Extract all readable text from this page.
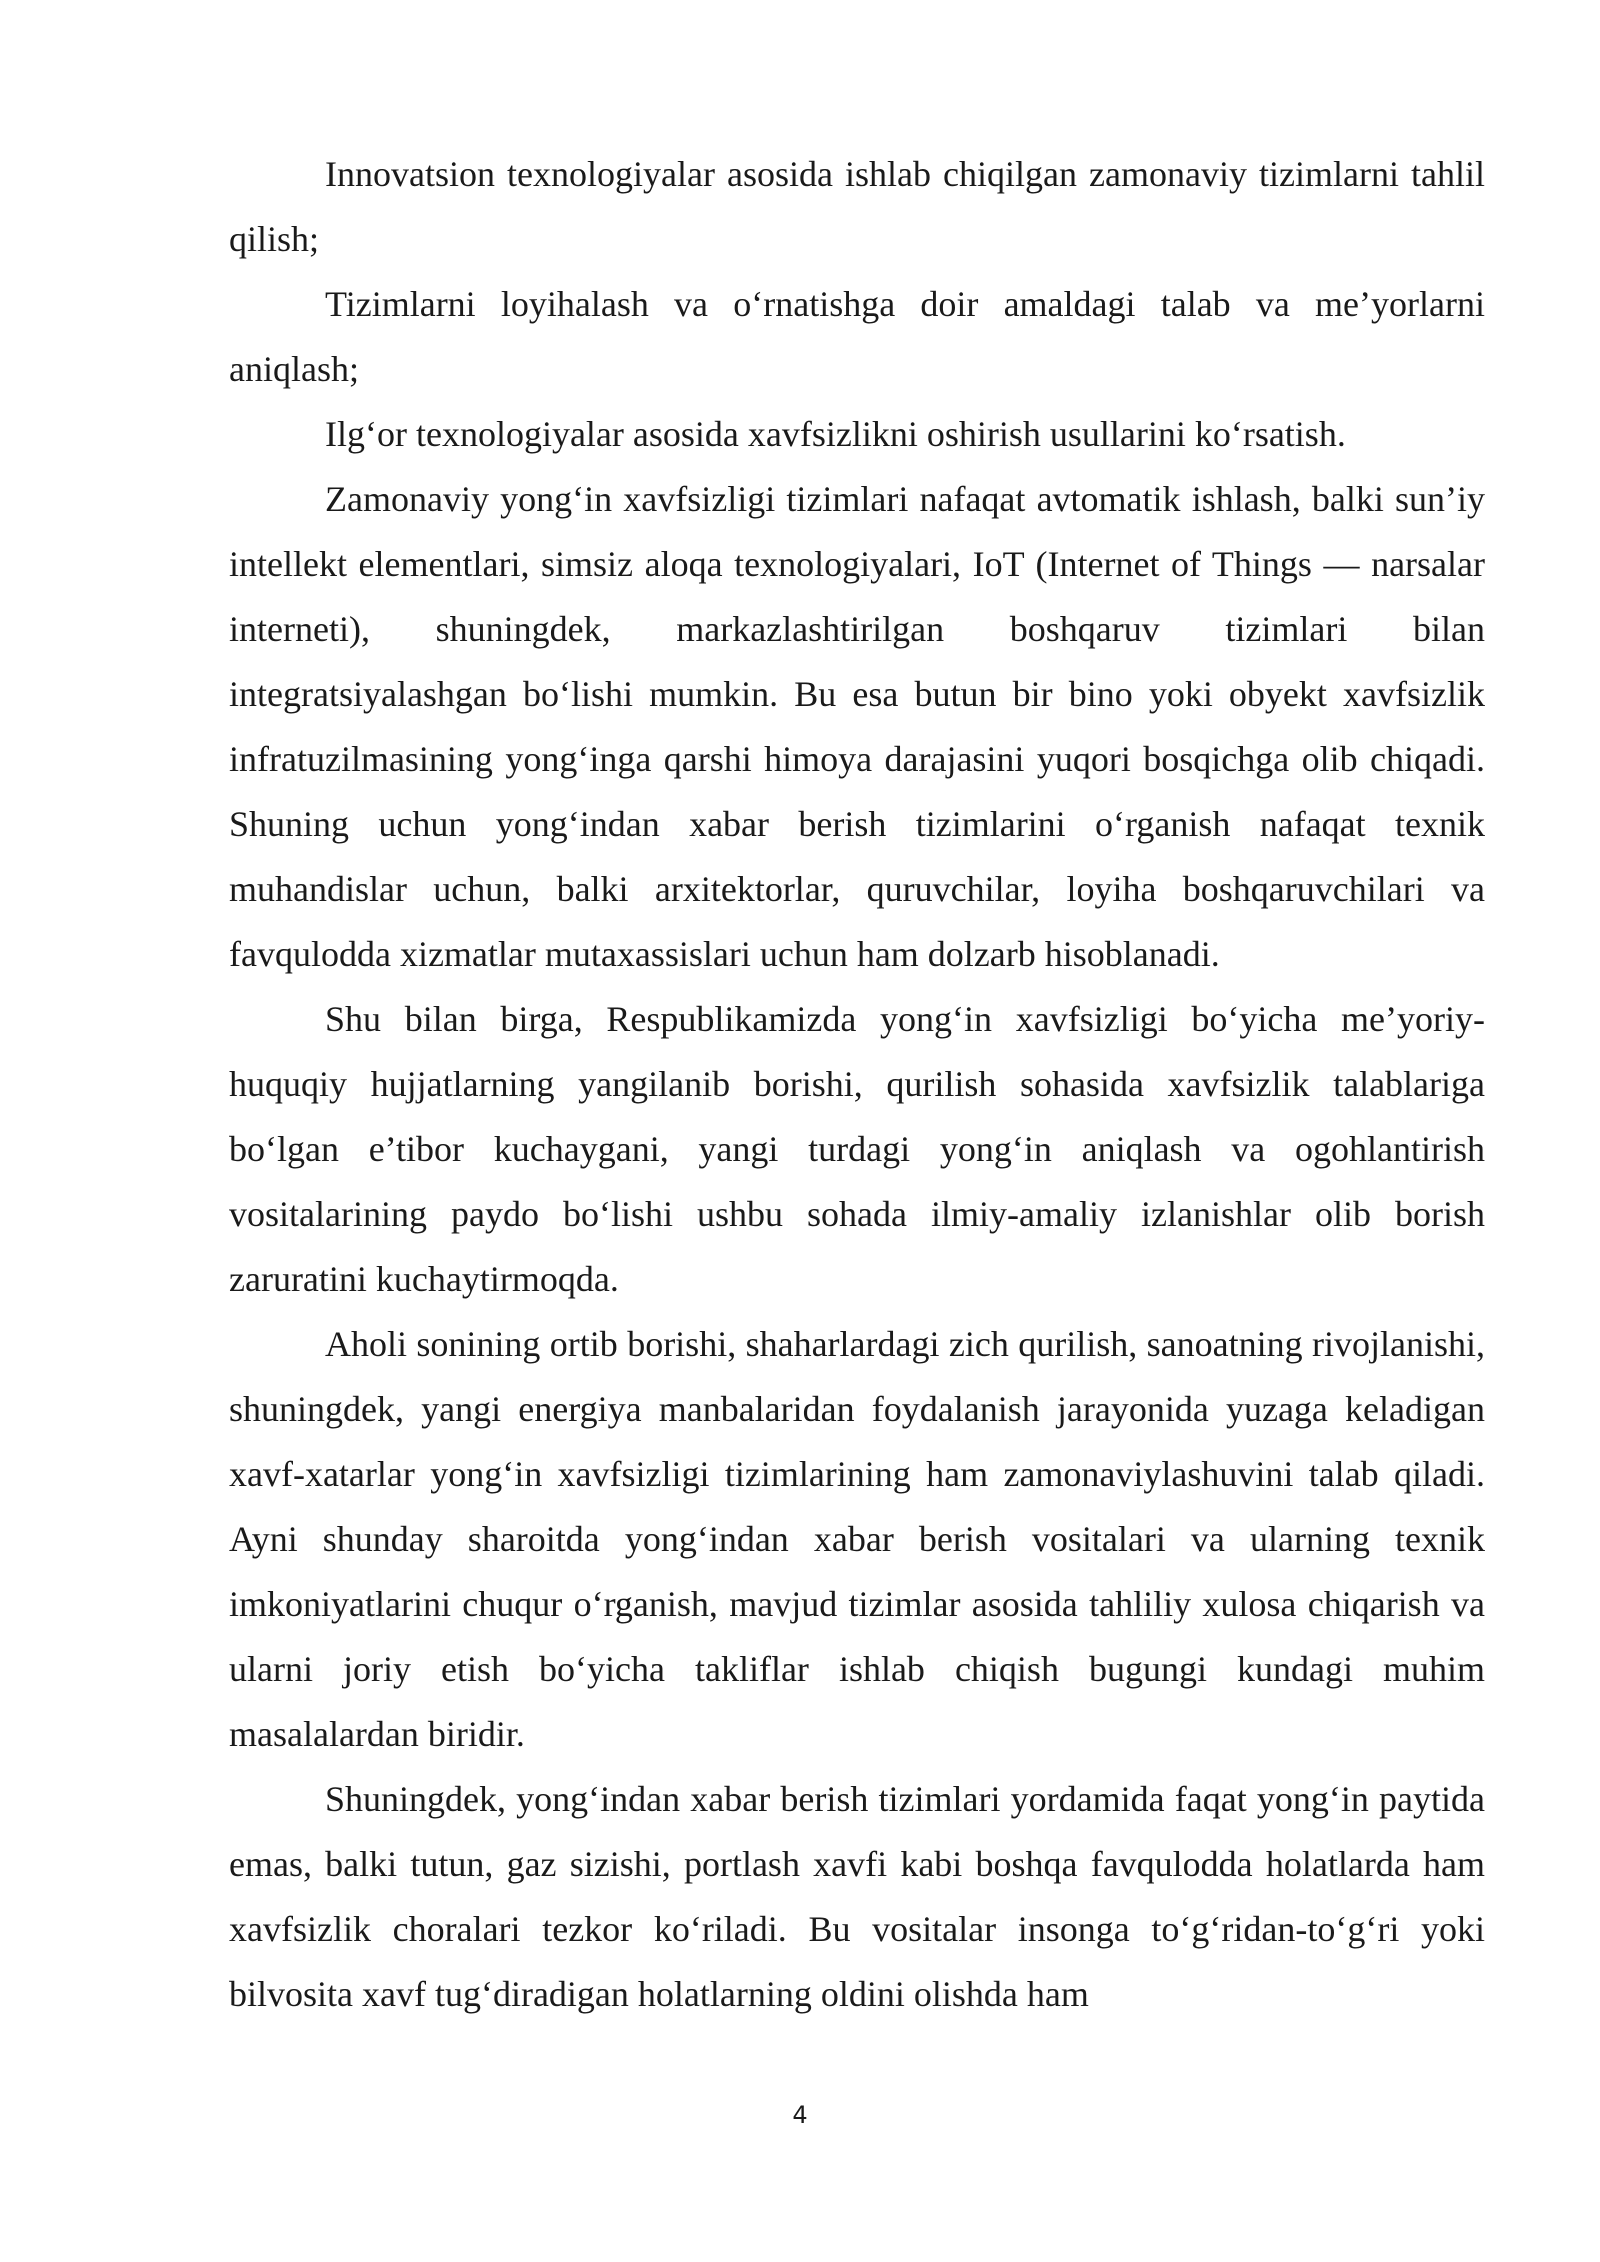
Innovatsion texnologiyalar asosida ishlab chiqilgan zamonaviy tizimlarni tahlil qilish;

Tizimlarni loyihalash va o‘rnatishga doir amaldagi talab va me’yorlarni aniqlash;

Ilg‘or texnologiyalar asosida xavfsizlikni oshirish usullarini ko‘rsatish.

Zamonaviy yong‘in xavfsizligi tizimlari nafaqat avtomatik ishlash, balki sun’iy intellekt elementlari, simsiz aloqa texnologiyalari, IoT (Internet of Things — narsalar interneti), shuningdek, markazlashtirilgan boshqaruv tizimlari bilan integratsiyalashgan bo‘lishi mumkin. Bu esa butun bir bino yoki obyekt xavfsizlik infratuzilmasining yong‘inga qarshi himoya darajasini yuqori bosqichga olib chiqadi. Shuning uchun yong‘indan xabar berish tizimlarini o‘rganish nafaqat texnik muhandislar uchun, balki arxitektorlar, quruvchilar, loyiha boshqaruvchilari va favqulodda xizmatlar mutaxassislari uchun ham dolzarb hisoblanadi.

Shu bilan birga, Respublikamizda yong‘in xavfsizligi bo‘yicha me’yoriy-huquqiy hujjatlarning yangilanib borishi, qurilish sohasida xavfsizlik talablariga bo‘lgan e’tibor kuchaygani, yangi turdagi yong‘in aniqlash va ogohlantirish vositalarining paydo bo‘lishi ushbu sohada ilmiy-amaliy izlanishlar olib borish zaruratini kuchaytirmoqda.

Aholi sonining ortib borishi, shaharlardagi zich qurilish, sanoatning rivojlanishi, shuningdek, yangi energiya manbalaridan foydalanish jarayonida yuzaga keladigan xavf-xatarlar yong‘in xavfsizligi tizimlarining ham zamonaviylashuvini talab qiladi. Ayni shunday sharoitda yong‘indan xabar berish vositalari va ularning texnik imkoniyatlarini chuqur o‘rganish, mavjud tizimlar asosida tahliliy xulosa chiqarish va ularni joriy etish bo‘yicha takliflar ishlab chiqish bugungi kundagi muhim masalalardan biridir.

Shuningdek, yong‘indan xabar berish tizimlari yordamida faqat yong‘in paytida emas, balki tutun, gaz sizishi, portlash xavfi kabi boshqa favqulodda holatlarda ham xavfsizlik choralari tezkor ko‘riladi. Bu vositalar insonga to‘g‘ridan-to‘g‘ri yoki bilvosita xavf tug‘diradigan holatlarning oldini olishda ham

4
